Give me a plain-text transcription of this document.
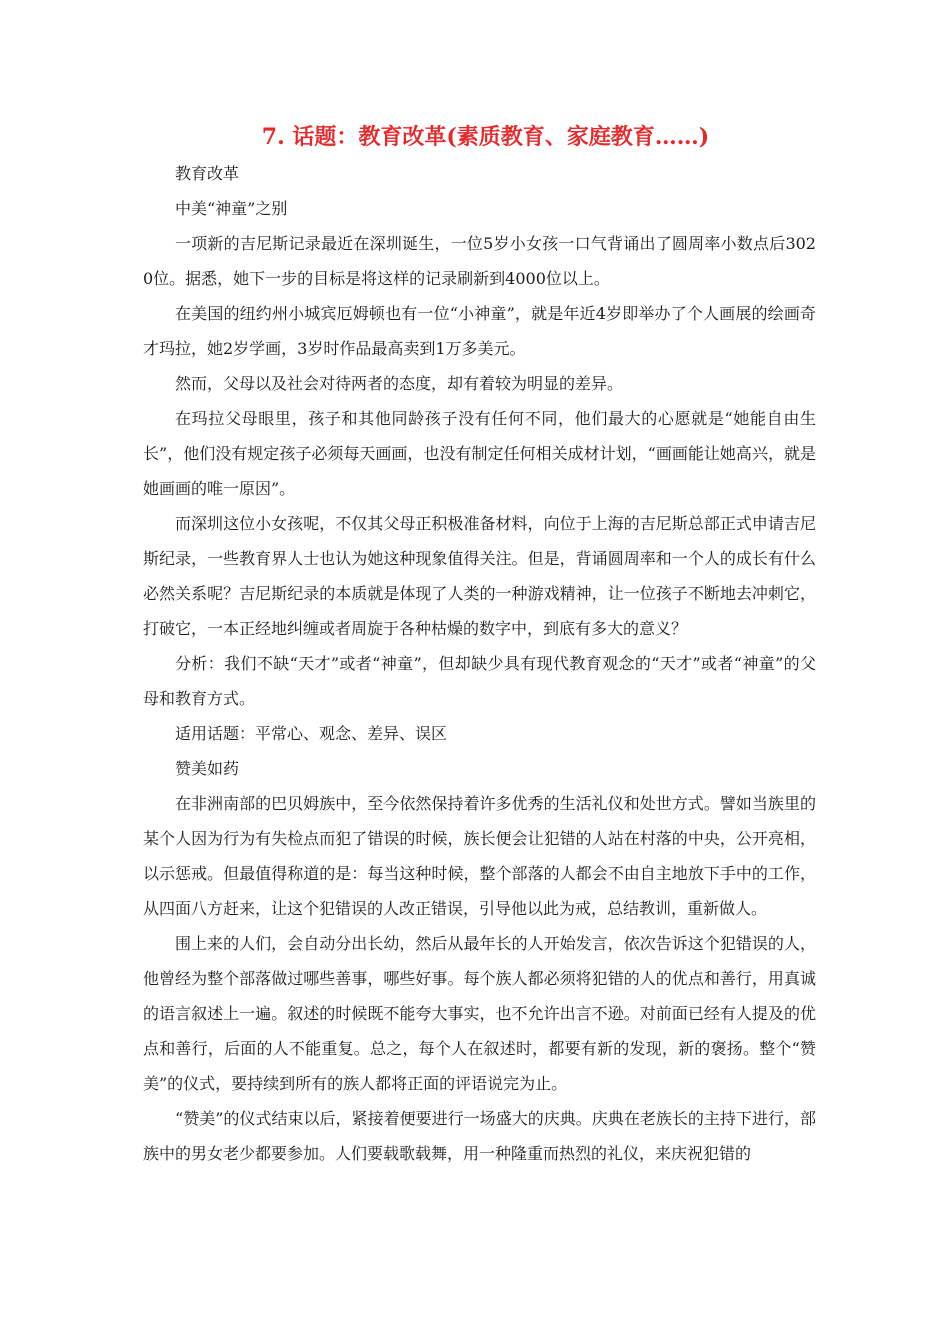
7. 话题：教育改革(素质教育、家庭教育……)

教育改革

中美“神童”之别

一项新的吉尼斯记录最近在深圳诞生，一位5岁小女孩一口气背诵出了圆周率小数点后3020位。据悉，她下一步的目标是将这样的记录刷新到4000位以上。

在美国的纽约州小城宾厄姆顿也有一位“小神童”，就是年近4岁即举办了个人画展的绘画奇才玛拉，她2岁学画，3岁时作品最高卖到1万多美元。

然而，父母以及社会对待两者的态度，却有着较为明显的差异。

在玛拉父母眼里，孩子和其他同龄孩子没有任何不同，他们最大的心愿就是“她能自由生长”，他们没有规定孩子必须每天画画，也没有制定任何相关成材计划，“画画能让她高兴，就是她画画的唯一原因”。

而深圳这位小女孩呢，不仅其父母正积极准备材料，向位于上海的吉尼斯总部正式申请吉尼斯纪录，一些教育界人士也认为她这种现象值得关注。但是，背诵圆周率和一个人的成长有什么必然关系呢？吉尼斯纪录的本质就是体现了人类的一种游戏精神，让一位孩子不断地去冲刺它，打破它，一本正经地纠缠或者周旋于各种枯燥的数字中，到底有多大的意义？

分析：我们不缺“天才”或者“神童”，但却缺少具有现代教育观念的“天才”或者“神童”的父母和教育方式。

适用话题：平常心、观念、差异、误区

赞美如药

在非洲南部的巴贝姆族中，至今依然保持着许多优秀的生活礼仪和处世方式。譬如当族里的某个人因为行为有失检点而犯了错误的时候，族长便会让犯错的人站在村落的中央，公开亮相，以示惩戒。但最值得称道的是：每当这种时候，整个部落的人都会不由自主地放下手中的工作，从四面八方赶来，让这个犯错误的人改正错误，引导他以此为戒，总结教训，重新做人。

围上来的人们，会自动分出长幼，然后从最年长的人开始发言，依次告诉这个犯错误的人，他曾经为整个部落做过哪些善事，哪些好事。每个族人都必须将犯错的人的优点和善行，用真诚的语言叙述上一遍。叙述的时候既不能夸大事实，也不允许出言不逊。对前面已经有人提及的优点和善行，后面的人不能重复。总之，每个人在叙述时，都要有新的发现，新的褒扬。整个“赞美”的仪式，要持续到所有的族人都将正面的评语说完为止。

“赞美”的仪式结束以后，紧接着便要进行一场盛大的庆典。庆典在老族长的主持下进行，部族中的男女老少都要参加。人们要载歌载舞，用一种隆重而热烈的礼仪，来庆祝犯错的
